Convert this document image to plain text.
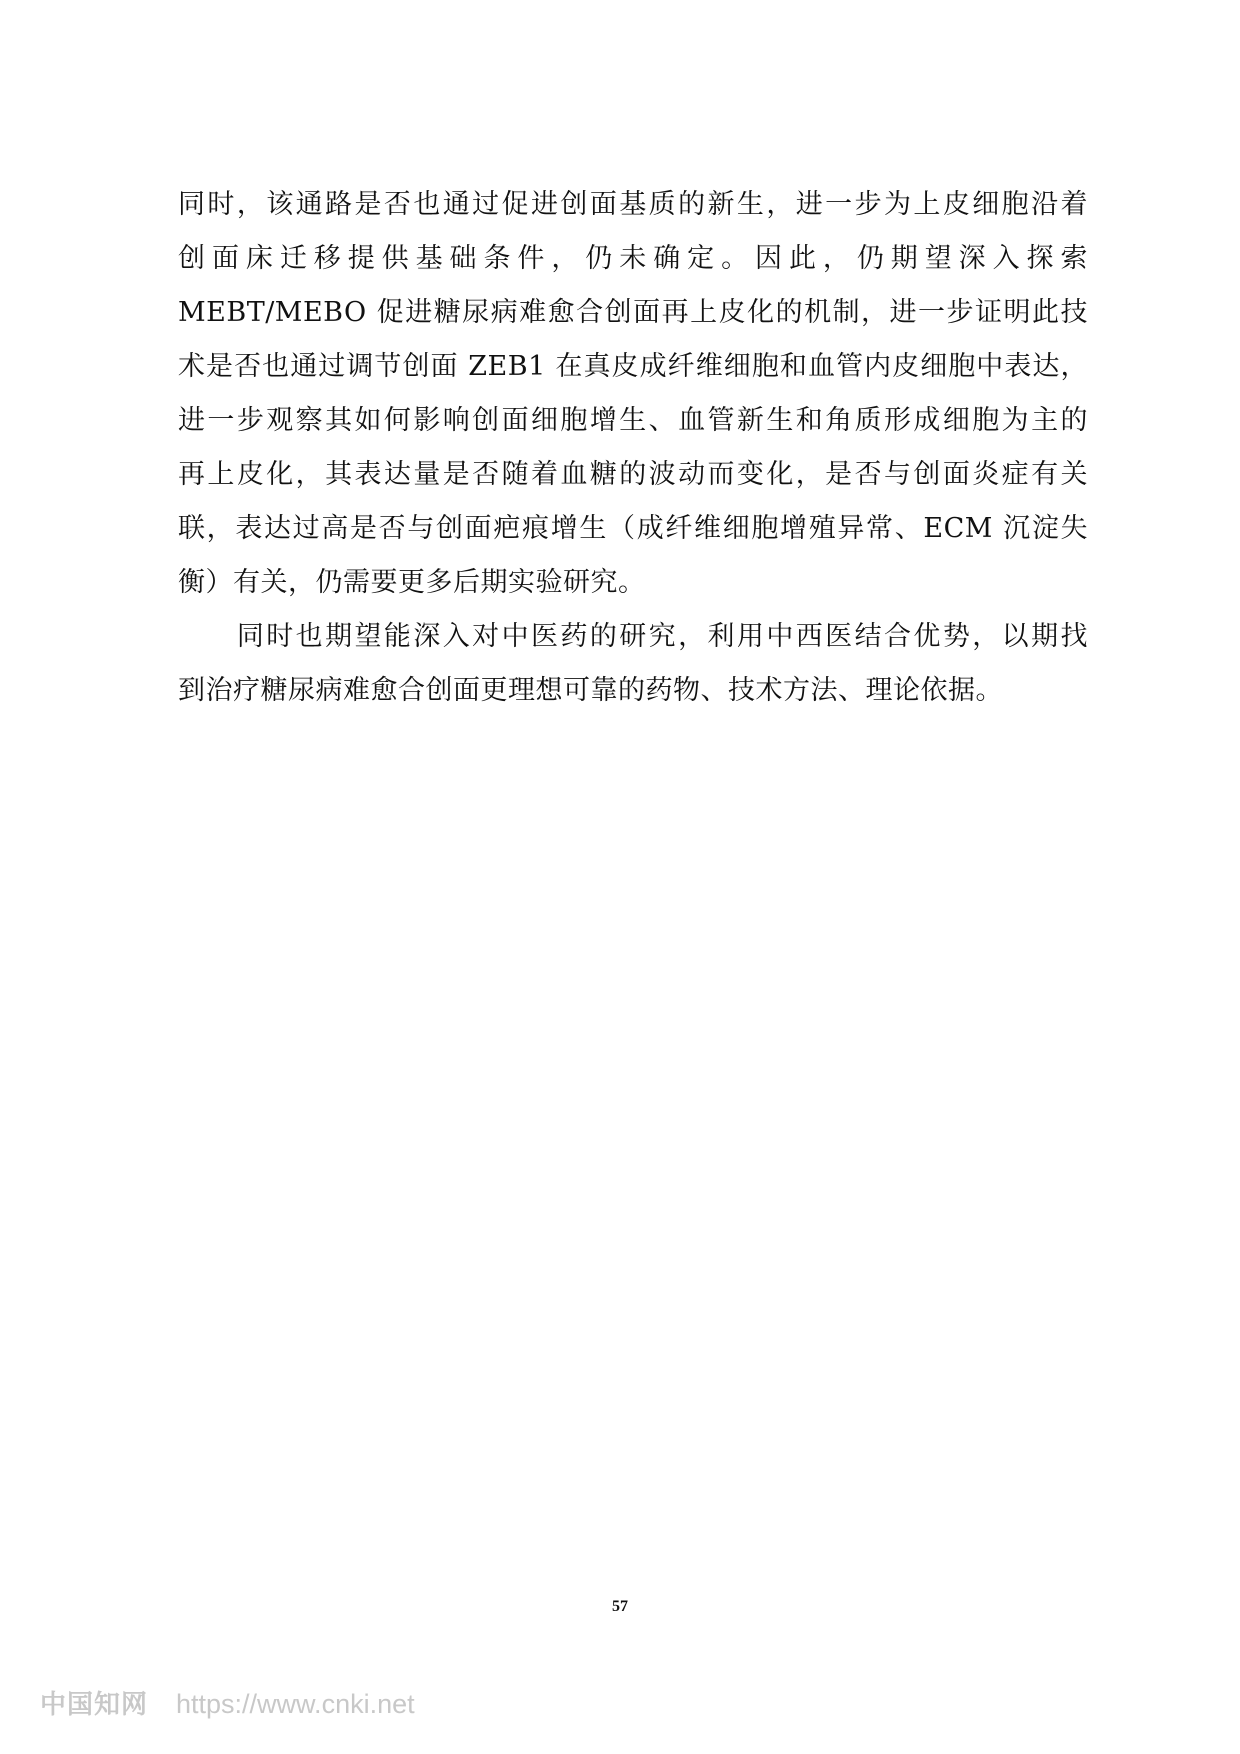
同时，该通路是否也通过促进创面基质的新生，进一步为上皮细胞沿着
创面床迁移提供基础条件，仍未确定。因此，仍期望深入探索
MEBT/MEBO 促进糖尿病难愈合创面再上皮化的机制，进一步证明此技
术是否也通过调节创面 ZEB1 在真皮成纤维细胞和血管内皮细胞中表达，
进一步观察其如何影响创面细胞增生、血管新生和角质形成细胞为主的
再上皮化，其表达量是否随着血糖的波动而变化，是否与创面炎症有关
联，表达过高是否与创面疤痕增生（成纤维细胞增殖异常、ECM 沉淀失
衡）有关，仍需要更多后期实验研究。
　　同时也期望能深入对中医药的研究，利用中西医结合优势，以期找
到治疗糖尿病难愈合创面更理想可靠的药物、技术方法、理论依据。
57
中国知网 https://www.cnki.net
